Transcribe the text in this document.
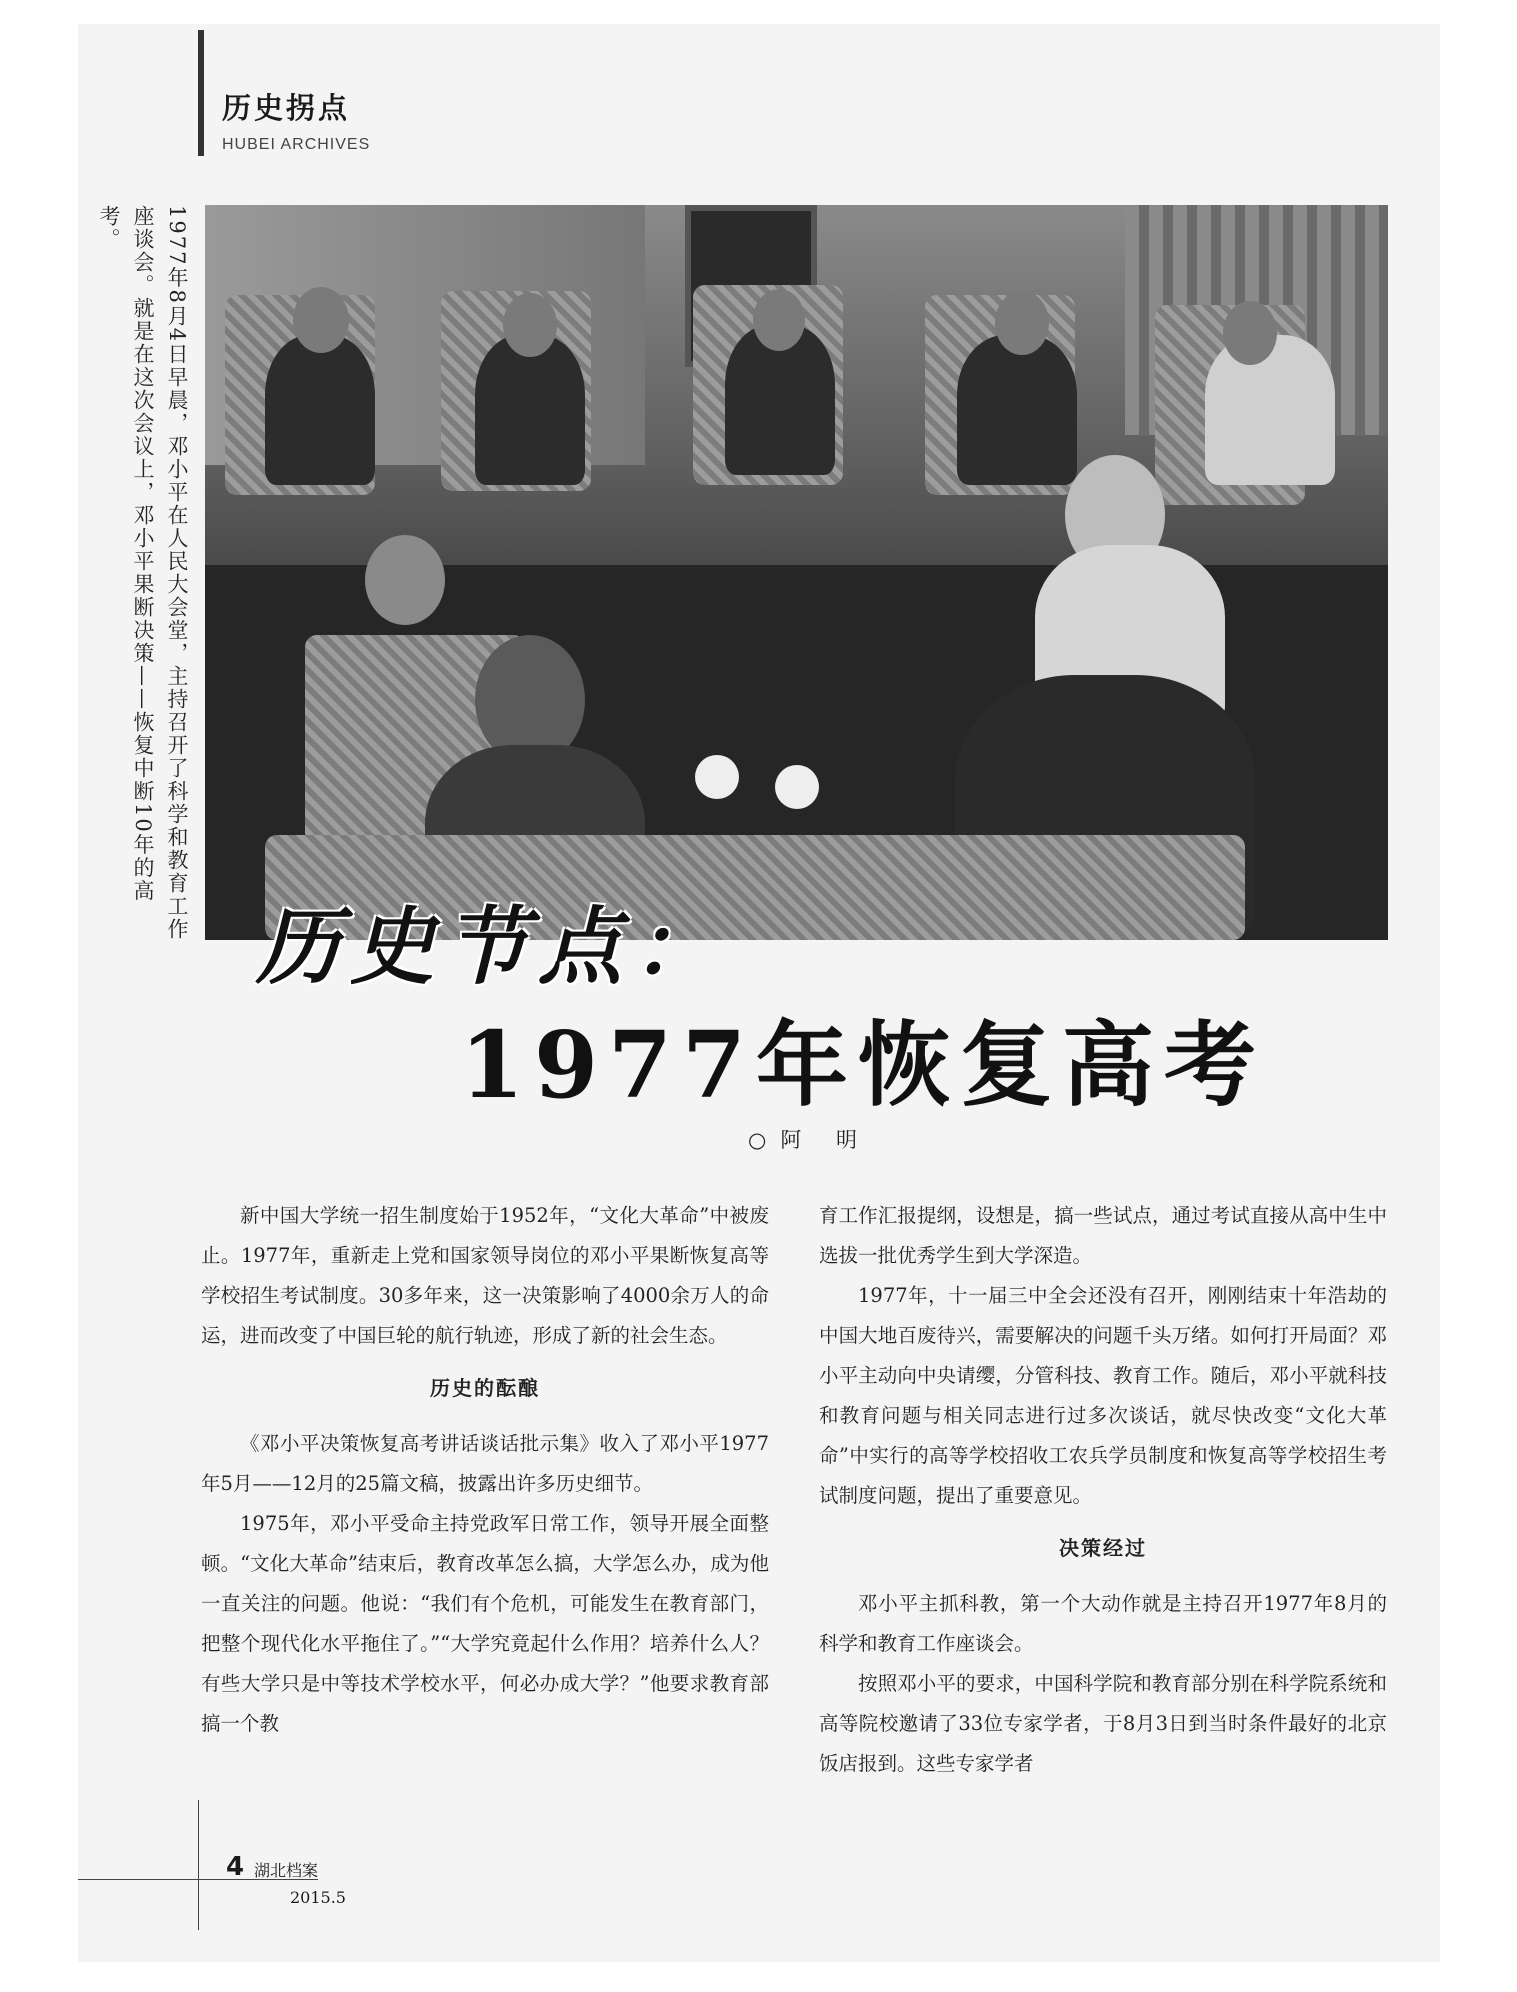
历史拐点
HUBEI ARCHIVES
1977年8月4日早晨，邓小平在人民大会堂，主持召开了科学和教育工作座谈会。就是在这次会议上，邓小平果断决策——恢复中断10年的高考。
历史节点：
1977年恢复高考
○阿 明

新中国大学统一招生制度始于1952年，“文化大革命”中被废止。1977年，重新走上党和国家领导岗位的邓小平果断恢复高等学校招生考试制度。30多年来，这一决策影响了4000余万人的命运，进而改变了中国巨轮的航行轨迹，形成了新的社会生态。

历史的酝酿

《邓小平决策恢复高考讲话谈话批示集》收入了邓小平1977年5月——12月的25篇文稿，披露出许多历史细节。

1975年，邓小平受命主持党政军日常工作，领导开展全面整顿。“文化大革命”结束后，教育改革怎么搞，大学怎么办，成为他一直关注的问题。他说：“我们有个危机，可能发生在教育部门，把整个现代化水平拖住了。”“大学究竟起什么作用？培养什么人？有些大学只是中等技术学校水平，何必办成大学？”他要求教育部搞一个教

育工作汇报提纲，设想是，搞一些试点，通过考试直接从高中生中选拔一批优秀学生到大学深造。

1977年，十一届三中全会还没有召开，刚刚结束十年浩劫的中国大地百废待兴，需要解决的问题千头万绪。如何打开局面？邓小平主动向中央请缨，分管科技、教育工作。随后，邓小平就科技和教育问题与相关同志进行过多次谈话，就尽快改变“文化大革命”中实行的高等学校招收工农兵学员制度和恢复高等学校招生考试制度问题，提出了重要意见。

决策经过

邓小平主抓科教，第一个大动作就是主持召开1977年8月的科学和教育工作座谈会。

按照邓小平的要求，中国科学院和教育部分别在科学院系统和高等院校邀请了33位专家学者，于8月3日到当时条件最好的北京饭店报到。这些专家学者

4 湖北档案
2015.5
